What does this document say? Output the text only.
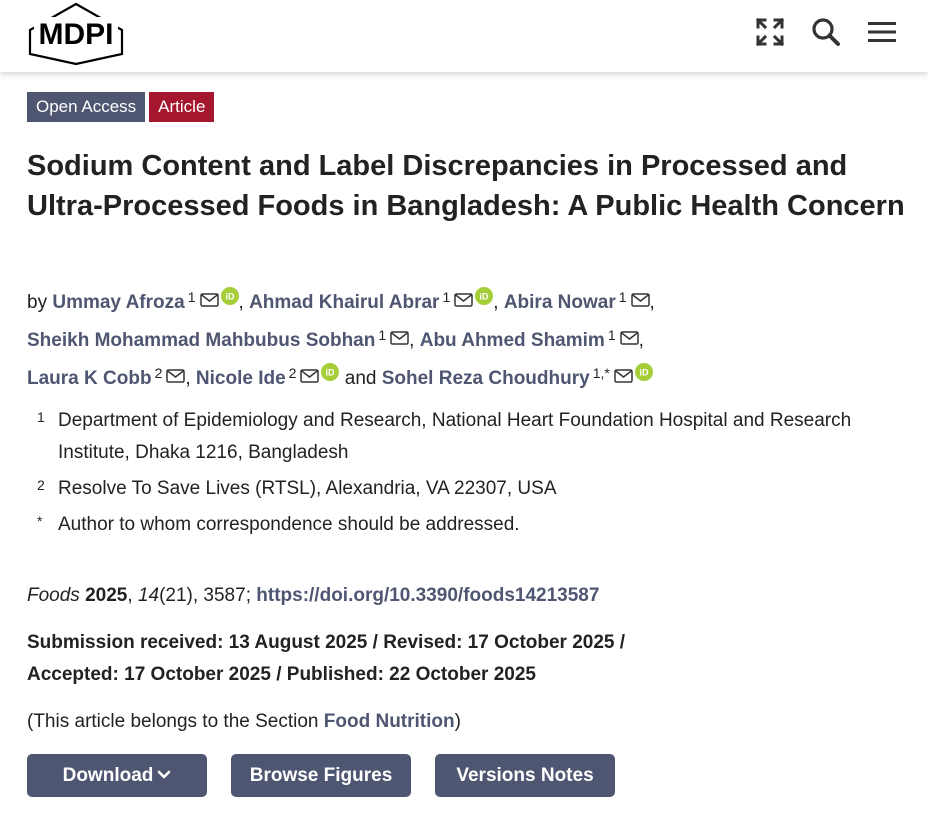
MDPI
Open Access	Article
Sodium Content and Label Discrepancies in Processed and Ultra-Processed Foods in Bangladesh: A Public Health Concern
by Ummay Afroza $^1$	iD , Ahmad Khairul Abrar $^1$	iD , Abira Nowar $^1$ ,
Sheikh Mohammad Mahbubus Sobhan $^1$ , Abu Ahmed Shamim $^1$ ,
Laura K Cobb $^2$ , Nicole Ide $^2$	iD and Sohel Reza Choudhury $^{1,*}$	iD
1 Department of Epidemiology and Research, National Heart Foundation Hospital and Research Institute, Dhaka 1216, Bangladesh
2 Resolve To Save Lives (RTSL), Alexandria, VA 22307, USA
* Author to whom correspondence should be addressed.
Foods 2025, 14(21), 3587; https://doi.org/10.3390/foods14213587
Submission received: 13 August 2025 / Revised: 17 October 2025 /
Accepted: 17 October 2025 / Published: 22 October 2025
(This article belongs to the Section Food Nutrition)
Download	Browse Figures	Versions Notes
